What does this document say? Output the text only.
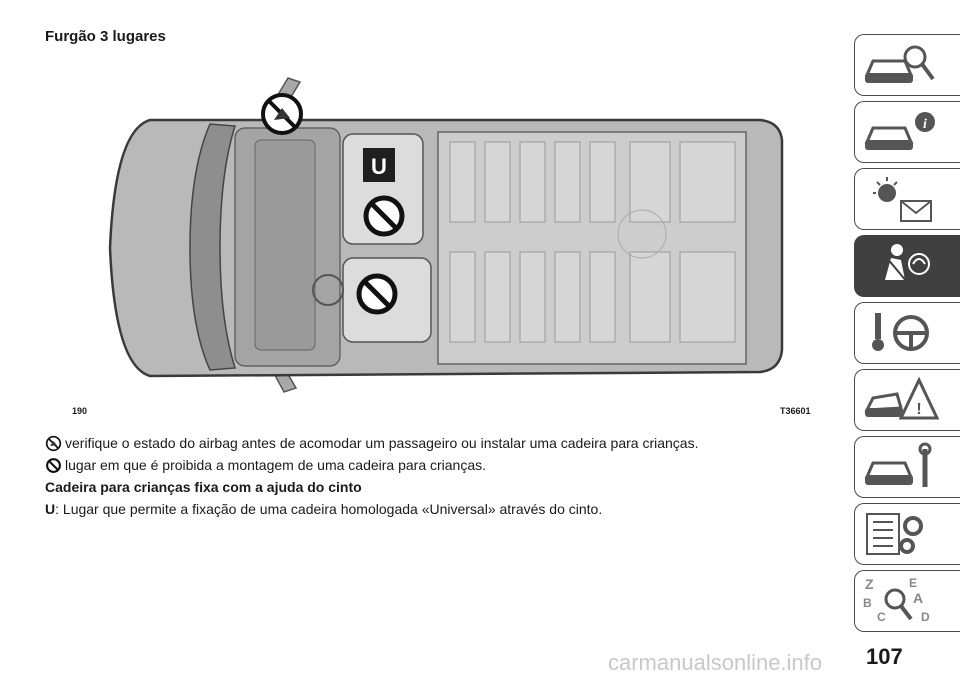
Furgão 3 lugares
U
190	T36601
verifique o estado do airbag antes de acomodar um passageiro ou instalar uma cadeira para crianças.
lugar em que é proibida a montagem de uma cadeira para crianças.
Cadeira para crianças fixa com a ajuda do cinto
U : Lugar que permite a fixação de uma cadeira homologada «Universal» através do cinto.
i
!
Z	E
A
B
C	D
107
carmanualsonline.info
